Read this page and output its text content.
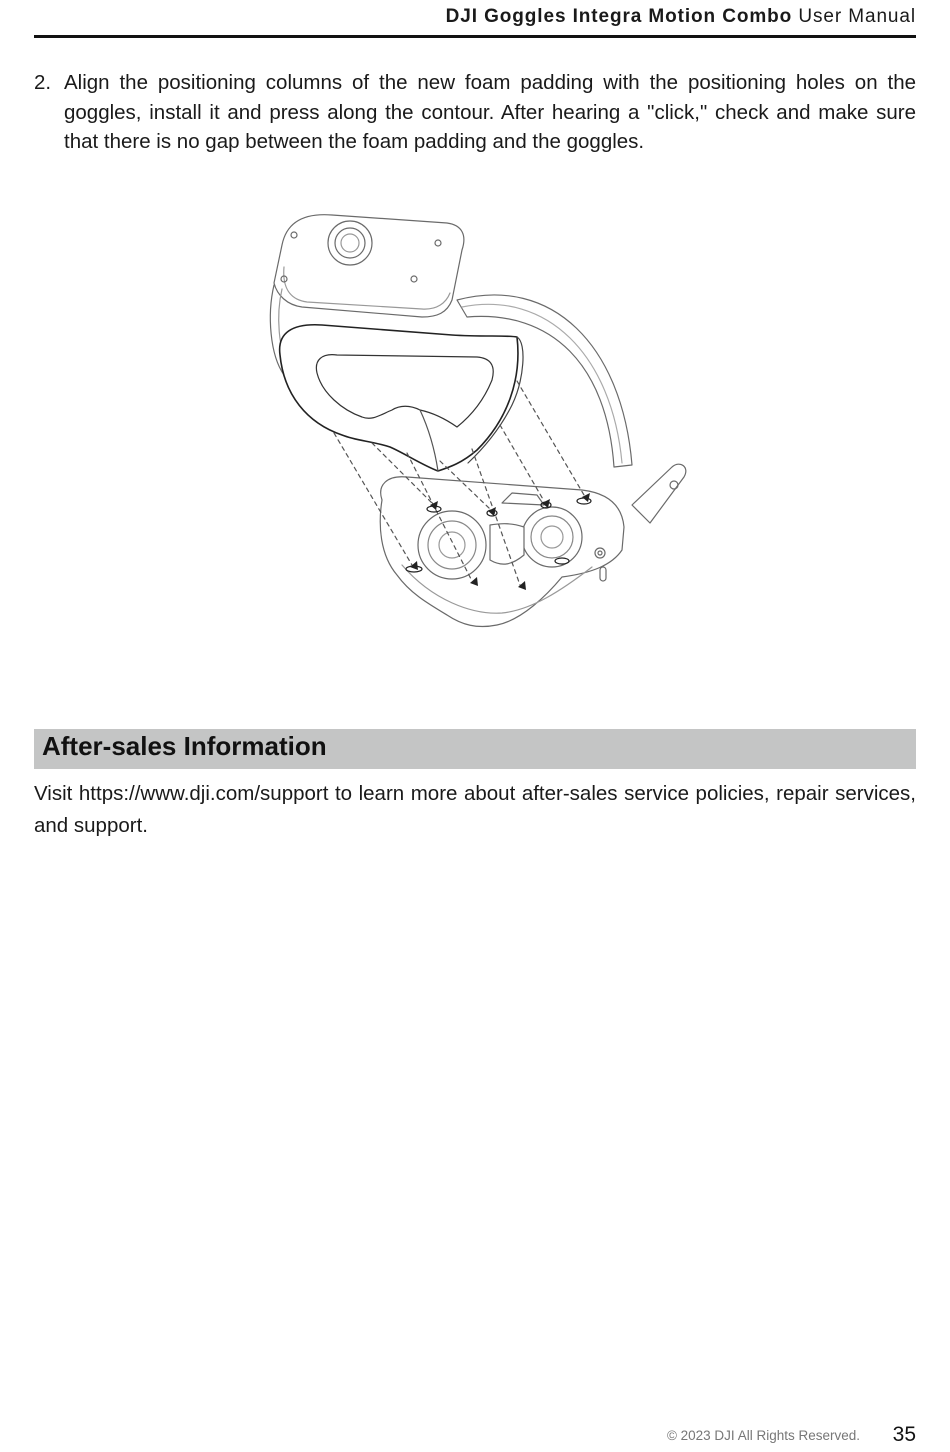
DJI Goggles Integra Motion Combo User Manual
2. Align the positioning columns of the new foam padding with the positioning holes on the goggles, install it and press along the contour. After hearing a "click," check and make sure that there is no gap between the foam padding and the goggles.
After-sales Information
Visit https://www.dji.com/support to learn more about after-sales service policies, repair services, and support.
© 2023 DJI All Rights Reserved.	35
